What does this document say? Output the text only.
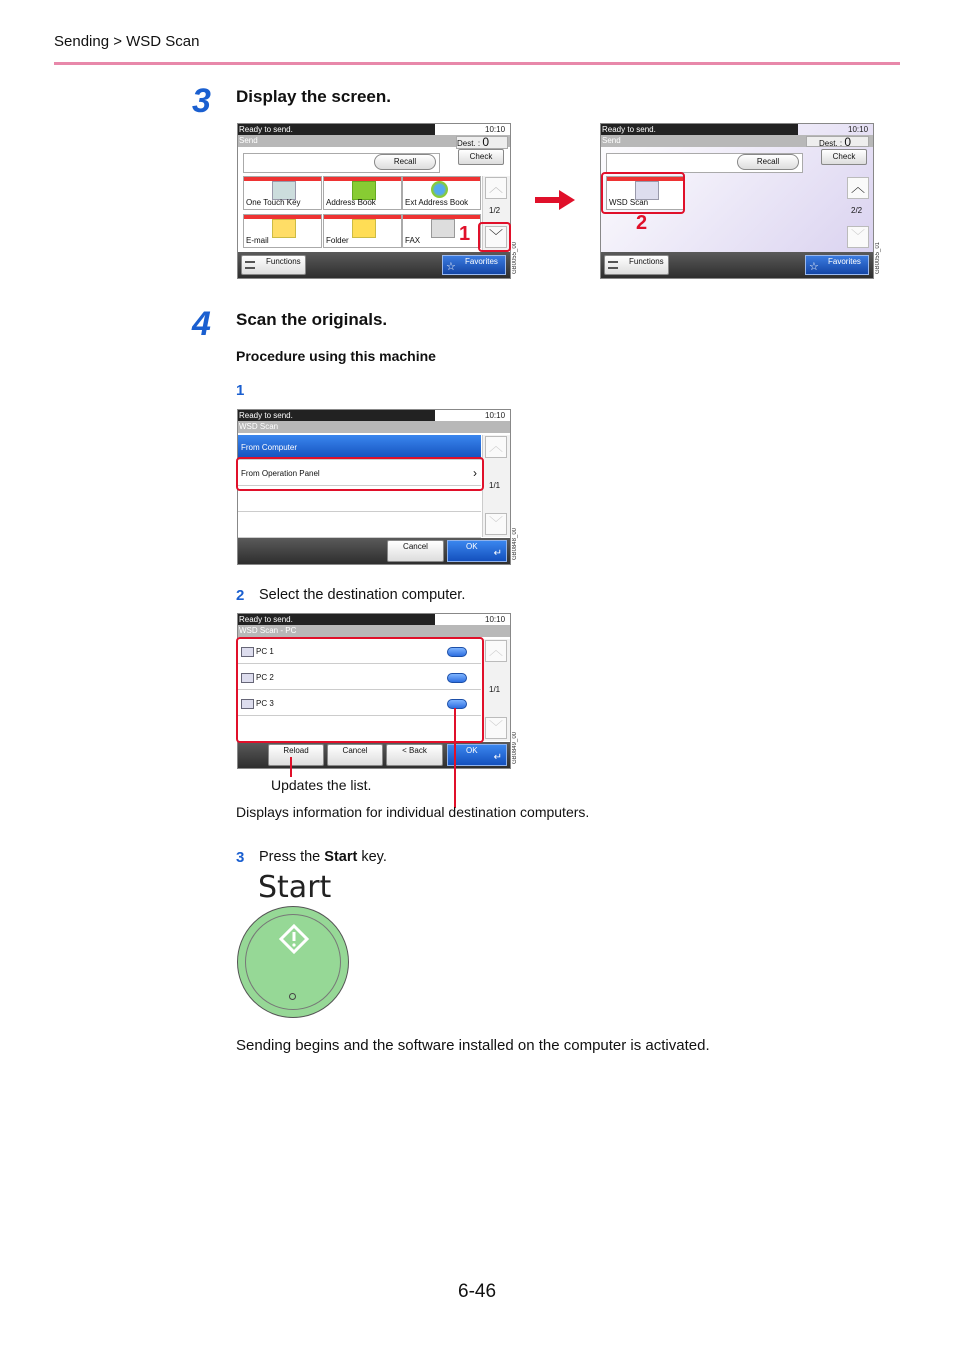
Sending > WSD Scan
3 Display the screen.
Ready to send.	10:10
Send	Dest. : 0
Check
Recall
One Touch Key	Address Book	Ext Address Book
E-mail	Folder	FAX
︿
1/2
﹀
Functions	☆ Favorites GB0055_00
1
Ready to send.	10:10
Send	Dest. : 0
Check
Recall
WSD Scan
︿
2/2
﹀
Functions	☆ Favorites GB0055_01
2
4 Scan the originals.
Procedure using this machine
1
Ready to send.	10:10
WSD Scan
From Computer
From Operation Panel	›
︿
1/1
﹀
Cancel	OK
↵ GB0848_00
2 Select the destination computer.
Ready to send.	10:10
WSD Scan - PC
PC 1
PC 2
PC 3
︿
1/1
﹀
Reload	Cancel	< Back	OK
↵ GB0849_00
Updates the list.
Displays information for individual destination computers.
3 Press the Start key.
Start
Sending begins and the software installed on the computer is activated.
6-46
